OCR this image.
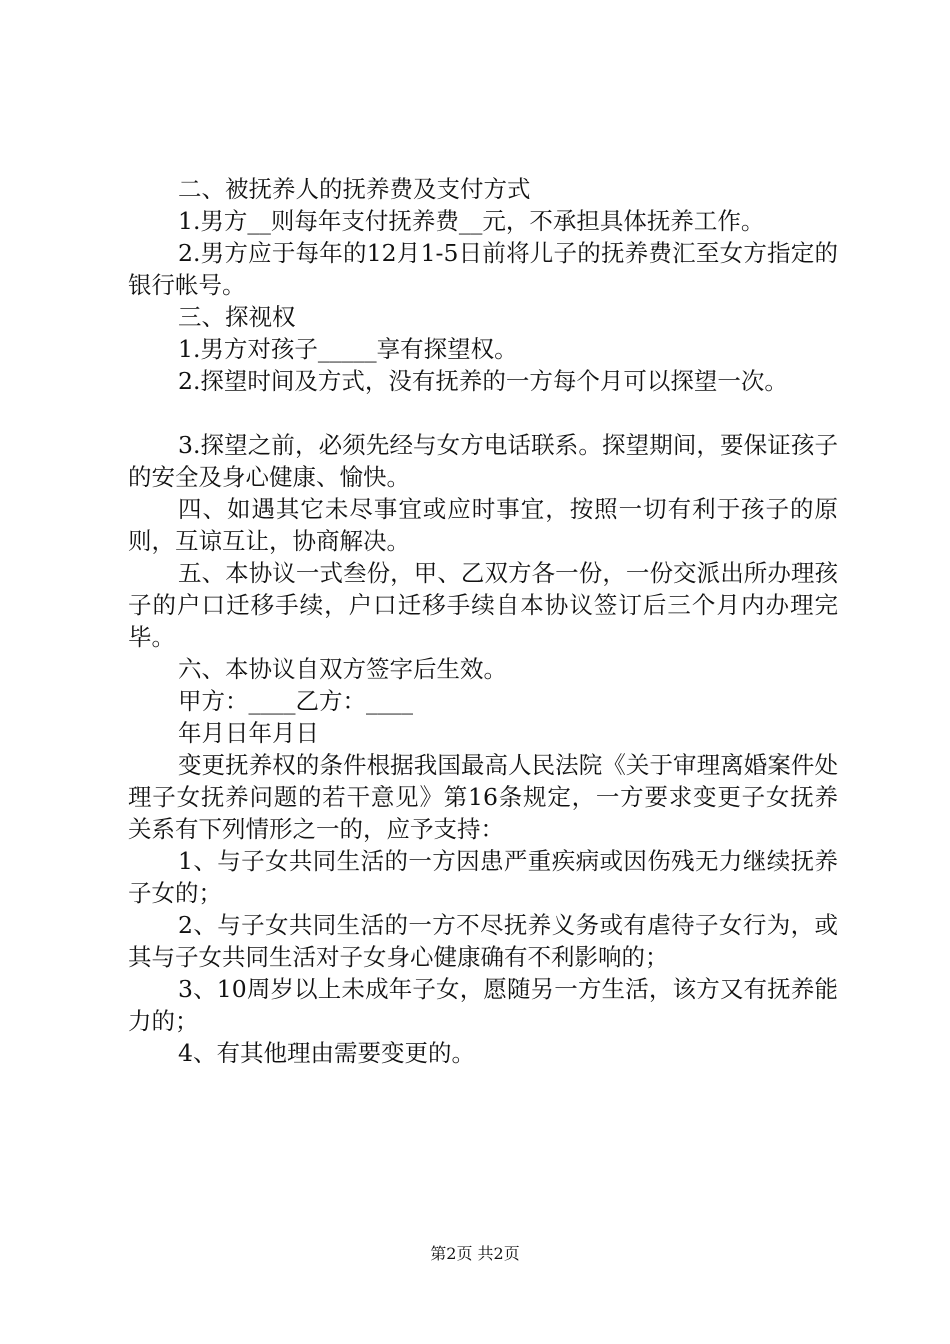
二、被抚养人的抚养费及支付方式

1.男方__则每年支付抚养费__元，不承担具体抚养工作。

2.男方应于每年的12月1-5日前将儿子的抚养费汇至女方指定的银行帐号。

三、探视权

1.男方对孩子_____享有探望权。

2.探望时间及方式，没有抚养的一方每个月可以探望一次。

3.探望之前，必须先经与女方电话联系。探望期间，要保证孩子的安全及身心健康、愉快。

四、如遇其它未尽事宜或应时事宜，按照一切有利于孩子的原则，互谅互让，协商解决。

五、本协议一式叁份，甲、乙双方各一份，一份交派出所办理孩子的户口迁移手续，户口迁移手续自本协议签订后三个月内办理完毕。

六、本协议自双方签字后生效。

甲方：____乙方：____

年月日年月日

变更抚养权的条件根据我国最高人民法院《关于审理离婚案件处理子女抚养问题的若干意见》第16条规定，一方要求变更子女抚养关系有下列情形之一的，应予支持：

1、与子女共同生活的一方因患严重疾病或因伤残无力继续抚养子女的；

2、与子女共同生活的一方不尽抚养义务或有虐待子女行为，或其与子女共同生活对子女身心健康确有不利影响的；

3、10周岁以上未成年子女，愿随另一方生活，该方又有抚养能力的；

4、有其他理由需要变更的。

第2页 共2页
